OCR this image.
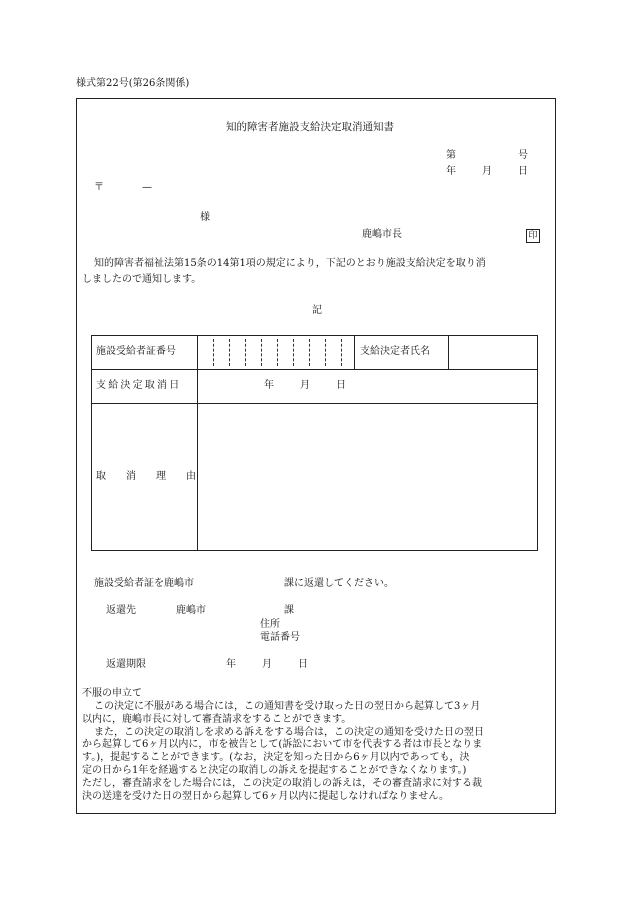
様式第22号(第26条関係)
知的障害者施設支給決定取消通知書
第	号
年	月	日
〒	—
様
鹿嶋市長	印
知的障害者福祉法第15条の14第1項の規定により，下記のとおり施設支給決定を取り消
しましたので通知します。
記
施設受給者証番号	支給決定者氏名
支給決定取消日	年	月	日
取　消　理　由
施設受給者証を鹿嶋市	課に返還してください。
返還先	鹿嶋市	課
住所
電話番号
返還期限	年	月	日
不服の申立て
この決定に不服がある場合には，この通知書を受け取った日の翌日から起算して3ヶ月
以内に，鹿嶋市長に対して審査請求をすることができます。
また，この決定の取消しを求める訴えをする場合は，この決定の通知を受けた日の翌日
から起算して6ヶ月以内に，市を被告として(訴訟において市を代表する者は市長となりま
す。)，提起することができます。(なお，決定を知った日から6ヶ月以内であっても，決
定の日から1年を経過すると決定の取消しの訴えを提起することができなくなります。)
ただし，審査請求をした場合には，この決定の取消しの訴えは，その審査請求に対する裁
決の送達を受けた日の翌日から起算して6ヶ月以内に提起しなければなりません。
